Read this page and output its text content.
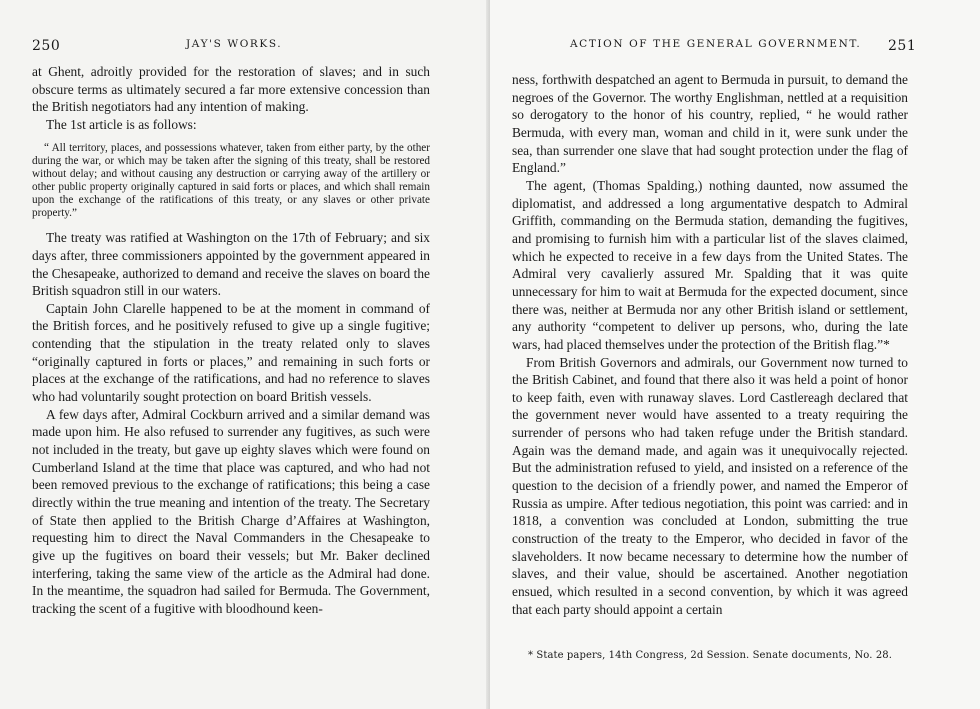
250	JAY'S WORKS.

at Ghent, adroitly provided for the restoration of slaves; and in such obscure terms as ultimately secured a far more extensive concession than the British negotiators had any intention of making.

The 1st article is as follows:

“ All territory, places, and possessions whatever, taken from either party, by the other during the war, or which may be taken after the signing of this treaty, shall be restored without delay; and without causing any destruction or carrying away of the artillery or other public property originally captured in said forts or places, and which shall remain upon the exchange of the ratifications of this treaty, or any slaves or other private property.”

The treaty was ratified at Washington on the 17th of February; and six days after, three commissioners appointed by the government appeared in the Chesapeake, authorized to demand and receive the slaves on board the British squadron still in our waters.

Captain John Clarelle happened to be at the moment in command of the British forces, and he positively refused to give up a single fugitive; contending that the stipulation in the treaty related only to slaves “originally captured in forts or places,” and remaining in such forts or places at the exchange of the ratifications, and had no reference to slaves who had voluntarily sought protection on board British vessels.

A few days after, Admiral Cockburn arrived and a similar demand was made upon him. He also refused to surrender any fugitives, as such were not included in the treaty, but gave up eighty slaves which were found on Cumberland Island at the time that place was captured, and who had not been removed previous to the exchange of ratifications; this being a case directly within the true meaning and intention of the treaty. The Secretary of State then applied to the British Charge d’Affaires at Washington, requesting him to direct the Naval Commanders in the Chesapeake to give up the fugitives on board their vessels; but Mr. Baker declined interfering, taking the same view of the article as the Admiral had done. In the meantime, the squadron had sailed for Bermuda. The Government, tracking the scent of a fugitive with bloodhound keen-

ACTION OF THE GENERAL GOVERNMENT. 251

ness, forthwith despatched an agent to Bermuda in pursuit, to demand the negroes of the Governor. The worthy Englishman, nettled at a requisition so derogatory to the honor of his country, replied, “ he would rather Bermuda, with every man, woman and child in it, were sunk under the sea, than surrender one slave that had sought protection under the flag of England.”

The agent, (Thomas Spalding,) nothing daunted, now assumed the diplomatist, and addressed a long argumentative despatch to Admiral Griffith, commanding on the Bermuda station, demanding the fugitives, and promising to furnish him with a particular list of the slaves claimed, which he expected to receive in a few days from the United States. The Admiral very cavalierly assured Mr. Spalding that it was quite unnecessary for him to wait at Bermuda for the expected document, since there was, neither at Bermuda nor any other British island or settlement, any authority “competent to deliver up persons, who, during the late wars, had placed themselves under the protection of the British flag.”*

From British Governors and admirals, our Government now turned to the British Cabinet, and found that there also it was held a point of honor to keep faith, even with runaway slaves. Lord Castlereagh declared that the government never would have assented to a treaty requiring the surrender of persons who had taken refuge under the British standard. Again was the demand made, and again was it unequivocally rejected. But the administration refused to yield, and insisted on a reference of the question to the decision of a friendly power, and named the Emperor of Russia as umpire. After tedious negotiation, this point was carried: and in 1818, a convention was concluded at London, submitting the true construction of the treaty to the Emperor, who decided in favor of the slaveholders. It now became necessary to determine how the number of slaves, and their value, should be ascertained. Another negotiation ensued, which resulted in a second convention, by which it was agreed that each party should appoint a certain

* State papers, 14th Congress, 2d Session. Senate documents, No. 28.
